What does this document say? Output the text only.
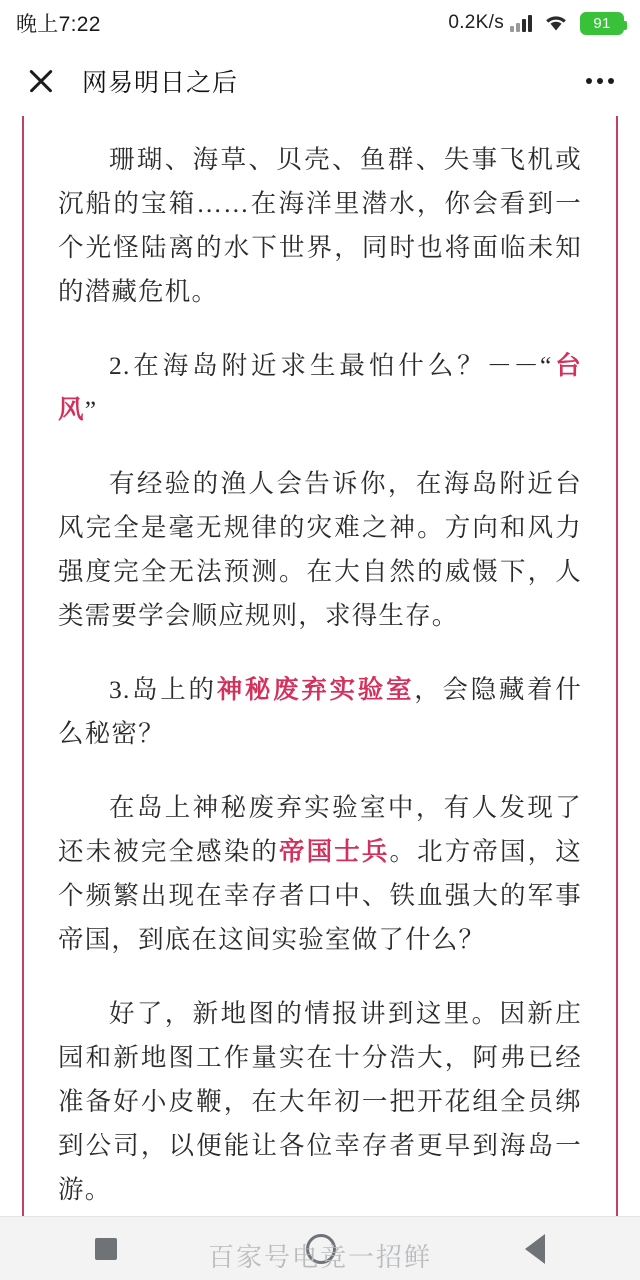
晚上7:22	0.2K/s	91
网易明日之后
珊瑚、海草、贝壳、鱼群、失事飞机或沉船的宝箱……在海洋里潜水，你会看到一个光怪陆离的水下世界，同时也将面临未知的潜藏危机。
2.在海岛附近求生最怕什么？－－“台风”
有经验的渔人会告诉你，在海岛附近台风完全是毫无规律的灾难之神。方向和风力强度完全无法预测。在大自然的威慑下，人类需要学会顺应规则，求得生存。
3.岛上的神秘废弃实验室，会隐藏着什么秘密？
在岛上神秘废弃实验室中，有人发现了还未被完全感染的帝国士兵。北方帝国，这个频繁出现在幸存者口中、铁血强大的军事帝国，到底在这间实验室做了什么？
好了，新地图的情报讲到这里。因新庄园和新地图工作量实在十分浩大，阿弗已经准备好小皮鞭，在大年初一把开花组全员绑到公司，以便能让各位幸存者更早到海岛一游。
百家号电竞一招鲜
